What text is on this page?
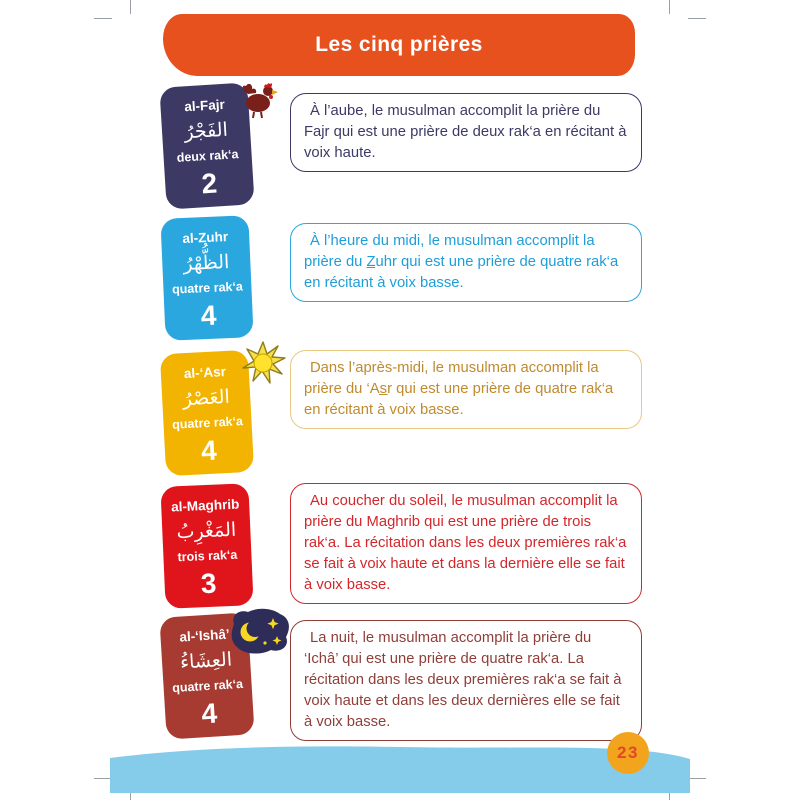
Les cinq prières
al-Fajr
الفَجْرُ
deux rak‘a
2
À l’aube, le musulman accomplit la prière du Fajr qui est une prière de deux rak‘a en récitant à voix haute.
al-Zuhr
الظُّهْرُ
quatre rak‘a
4
À l’heure du midi, le musulman accomplit la prière du Z̲uhr qui est une prière de quatre rak‘a en récitant à voix basse.
al-‘Asr
العَصْرُ
quatre rak‘a
4
Dans l’après-midi, le musulman accomplit la prière du ‘As̲r qui est une prière de quatre rak‘a en récitant à voix basse.
al-Maghrib
المَغْرِبُ
trois rak‘a
3
Au coucher du soleil, le musulman accomplit la prière du Maghrib qui est une prière de trois rak‘a. La récitation dans les deux premières rak‘a se fait à voix haute et dans la dernière elle se fait à voix basse.
al-‘Ishâ’
العِشَاءُ
quatre rak‘a
4
La nuit, le musulman accomplit la prière du ‘Ichâ’ qui est une prière de quatre rak‘a. La récitation dans les deux premières rak‘a se fait à voix haute et dans les deux dernières elle se fait à voix basse.
23
